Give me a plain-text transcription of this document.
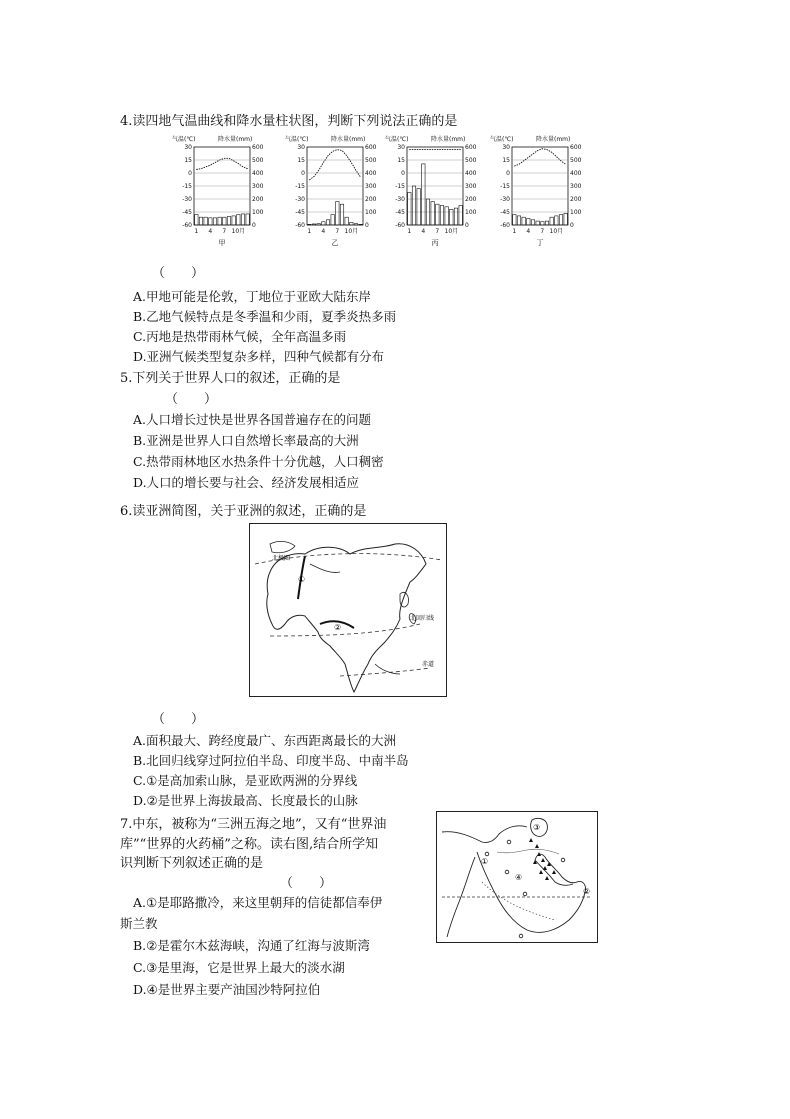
4.读四地气温曲线和降水量柱状图，判断下列说法正确的是
气温(℃)	降水量(mm)
30	600
15	500
0	400
-15	300
-30	200
-45	100
-60	0
1 4 7 10月
甲
气温(℃)	降水量(mm)
30	600
15	500
0	400
-15	300
-30	200
-45	100
-60	0
1 4 7 10月
乙
气温(℃)	降水量(mm)
30	600
15	500
0	400
-15	300
-30	200
-45	100
-60	0
1 4 7 10月
丙
气温(℃)	降水量(mm)
30	600
15	500
0	400
-15	300
-30	200
-45	100
-60	0
1 4 7 10月
丁
（　　）
A.甲地可能是伦敦，丁地位于亚欧大陆东岸
B.乙地气候特点是冬季温和少雨，夏季炎热多雨
C.丙地是热带雨林气候，全年高温多雨
D.亚洲气候类型复杂多样，四种气候都有分布
5.下列关于世界人口的叙述，正确的是
（　　）
A.人口增长过快是世界各国普遍存在的问题
B.亚洲是世界人口自然增长率最高的大洲
C.热带雨林地区水热条件十分优越，人口稠密
D.人口的增长要与社会、经济发展相适应
6.读亚洲简图，关于亚洲的叙述，正确的是
①
②
北极圈
北回归线
赤道
（　　）
A.面积最大、跨经度最广、东西距离最长的大洲
B.北回归线穿过阿拉伯半岛、印度半岛、中南半岛
C.①是高加索山脉，是亚欧两洲的分界线
D.②是世界上海拔最高、长度最长的山脉
7.中东，被称为“三洲五海之地”，又有“世界油
库”“世界的火药桶”之称。读右图,结合所学知
识判断下列叙述正确的是
（　　）
A.①是耶路撒冷，来这里朝拜的信徒都信奉伊
斯兰教
B.②是霍尔木兹海峡，沟通了红海与波斯湾
C.③是里海，它是世界上最大的淡水湖
D.④是世界主要产油国沙特阿拉伯
①
②
③
④
